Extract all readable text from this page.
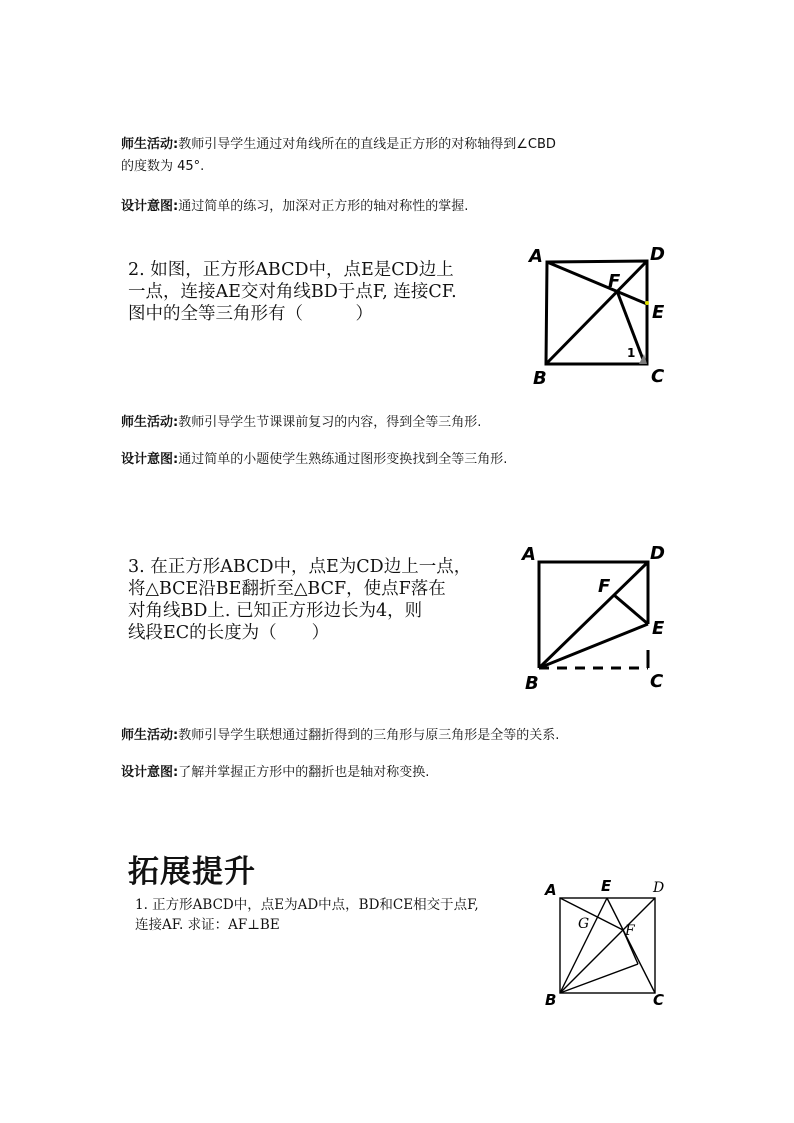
师生活动:教师引导学生通过对角线所在的直线是正方形的对称轴得到∠CBD
的度数为 45°.
设计意图:通过简单的练习，加深对正方形的轴对称性的掌握.
2. 如图，正方形ABCD中，点E是CD边上
一点，连接AE交对角线BD于点F, 连接CF.
图中的全等三角形有（　　　）
A	D
F
E
B	C
1
师生活动:教师引导学生节课课前复习的内容，得到全等三角形.
设计意图:通过简单的小题使学生熟练通过图形变换找到全等三角形.
3. 在正方形ABCD中，点E为CD边上一点，
将△BCE沿BE翻折至△BCF，使点F落在
对角线BD上. 已知正方形边长为4，则
线段EC的长度为（　　）
A	D
F
E
B	C
师生活动:教师引导学生联想通过翻折得到的三角形与原三角形是全等的关系.
设计意图:了解并掌握正方形中的翻折也是轴对称变换.
拓展提升
1. 正方形ABCD中，点E为AD中点，BD和CE相交于点F,
连接AF. 求证：AF⊥BE
A	E
B	C
D
G	F
